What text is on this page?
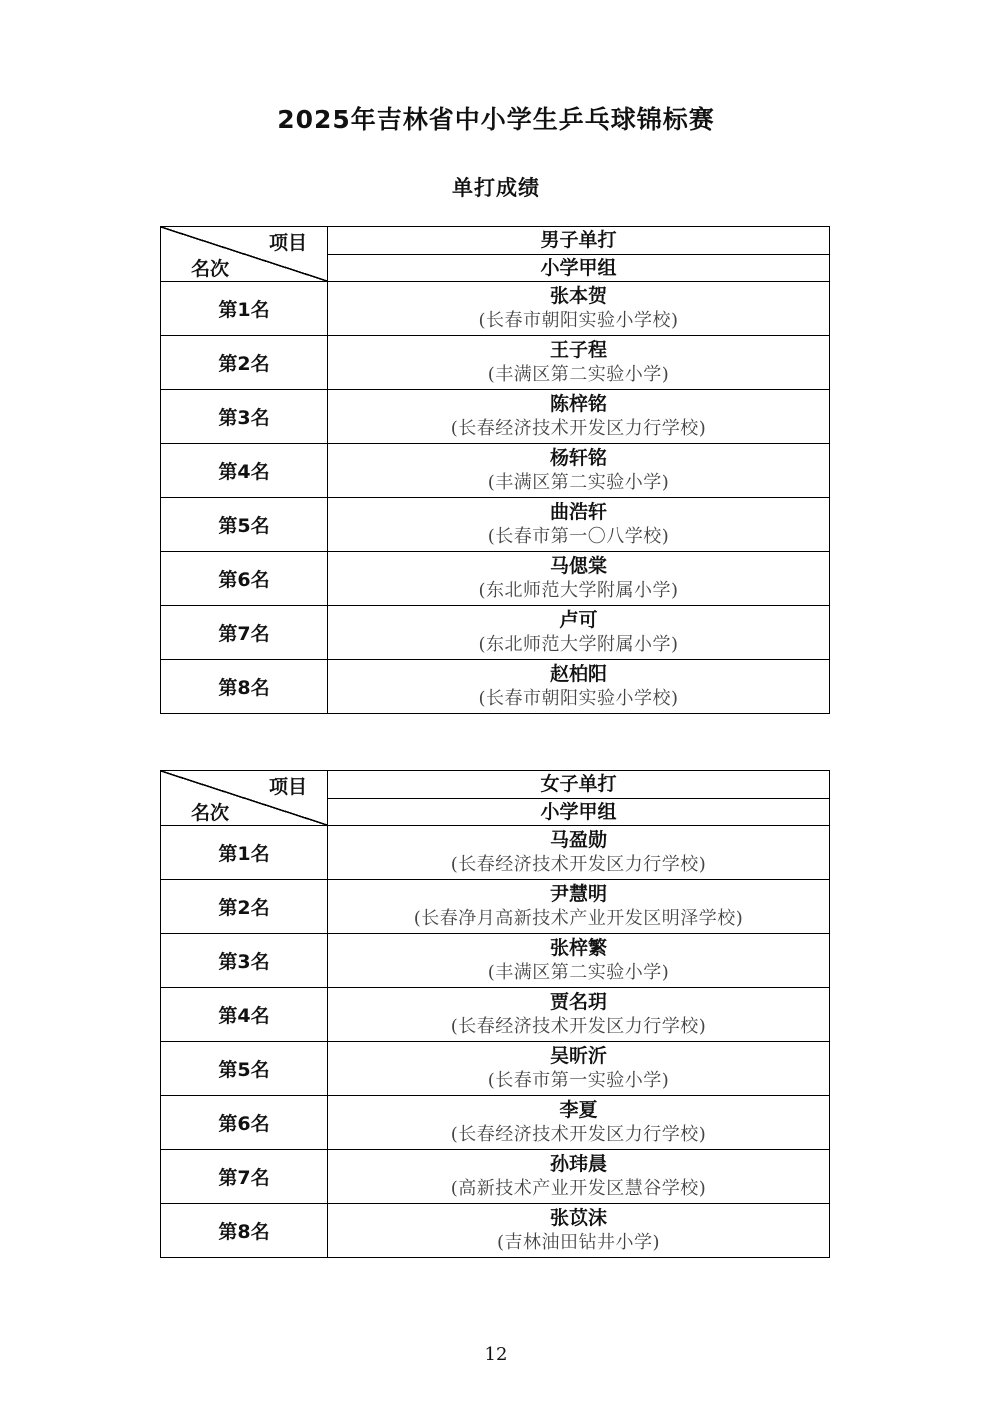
2025年吉林省中小学生乒乓球锦标赛
单打成绩
项目
名次	男子单打
	小学甲组
第1名	张本贺
(长春市朝阳实验小学校)

第2名	王子程
(丰满区第二实验小学)

第3名	陈梓铭
(长春经济技术开发区力行学校)

第4名	杨轩铭
(丰满区第二实验小学)

第5名	曲浩轩
(长春市第一〇八学校)

第6名	马偲棠
(东北师范大学附属小学)

第7名	卢可
(东北师范大学附属小学)

第8名	赵柏阳
(长春市朝阳实验小学校)
项目
名次	女子单打
	小学甲组
第1名	马盈勋
(长春经济技术开发区力行学校)

第2名	尹慧明
(长春净月高新技术产业开发区明泽学校)

第3名	张梓繁
(丰满区第二实验小学)

第4名	贾名玥
(长春经济技术开发区力行学校)

第5名	吴昕沂
(长春市第一实验小学)

第6名	李夏
(长春经济技术开发区力行学校)

第7名	孙玮晨
(高新技术产业开发区慧谷学校)

第8名	张苡沫
(吉林油田钻井小学)
12
